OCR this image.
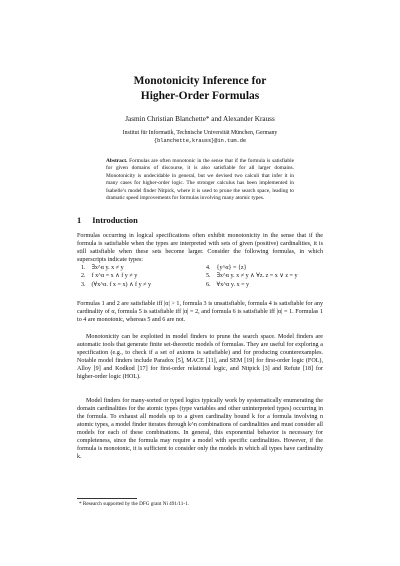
Monotonicity Inference for
Higher-Order Formulas
Jasmin Christian Blanchette* and Alexander Krauss
Institut für Informatik, Technische Universität München, Germany
{blanchette,krauss}@in.tum.de
Abstract. Formulas are often monotonic in the sense that if the formula is satisfiable for given domains of discourse, it is also satisfiable for all larger domains. Monotonicity is undecidable in general, but we devised two calculi that infer it in many cases for higher-order logic. The stronger calculus has been implemented in Isabelle’s model finder Nitpick, where it is used to prune the search space, leading to dramatic speed improvements for formulas involving many atomic types.
1 Introduction
Formulas occurring in logical specifications often exhibit monotonicity in the sense that if the formula is satisfiable when the types are interpreted with sets of given (positive) cardinalities, it is still satisfiable when these sets become larger. Consider the following formulas, in which superscripts indicate types:
1. ∃x^α y. x ≠ y
2. f x^α = x ∧ f y ≠ y
3. (∀x^α. f x = x) ∧ f y ≠ y
4. {y^α} = {z}
5. ∃x^α y. x ≠ y ∧ ∀z. z = x ∨ z = y
6. ∀x^α y. x = y
Formulas 1 and 2 are satisfiable iff |α| > 1, formula 3 is unsatisfiable, formula 4 is satisfiable for any cardinality of α, formula 5 is satisfiable iff |α| = 2, and formula 6 is satisfiable iff |α| = 1. Formulas 1 to 4 are monotonic, whereas 5 and 6 are not.
Monotonicity can be exploited in model finders to prune the search space. Model finders are automatic tools that generate finite set-theoretic models of formulas. They are useful for exploring a specification (e.g., to check if a set of axioms is satisfiable) and for producing counterexamples. Notable model finders include Paradox [5], MACE [11], and SEM [19] for first-order logic (FOL), Alloy [9] and Kodkod [17] for first-order relational logic, and Nitpick [3] and Refute [18] for higher-order logic (HOL).
Model finders for many-sorted or typed logics typically work by systematically enumerating the domain cardinalities for the atomic types (type variables and other uninterpreted types) occurring in the formula. To exhaust all models up to a given cardinality bound k for a formula involving n atomic types, a model finder iterates through k^n combinations of cardinalities and must consider all models for each of these combinations. In general, this exponential behavior is necessary for completeness, since the formula may require a model with specific cardinalities. However, if the formula is monotonic, it is sufficient to consider only the models in which all types have cardinality k.
* Research supported by the DFG grant Ni 491/11-1.
